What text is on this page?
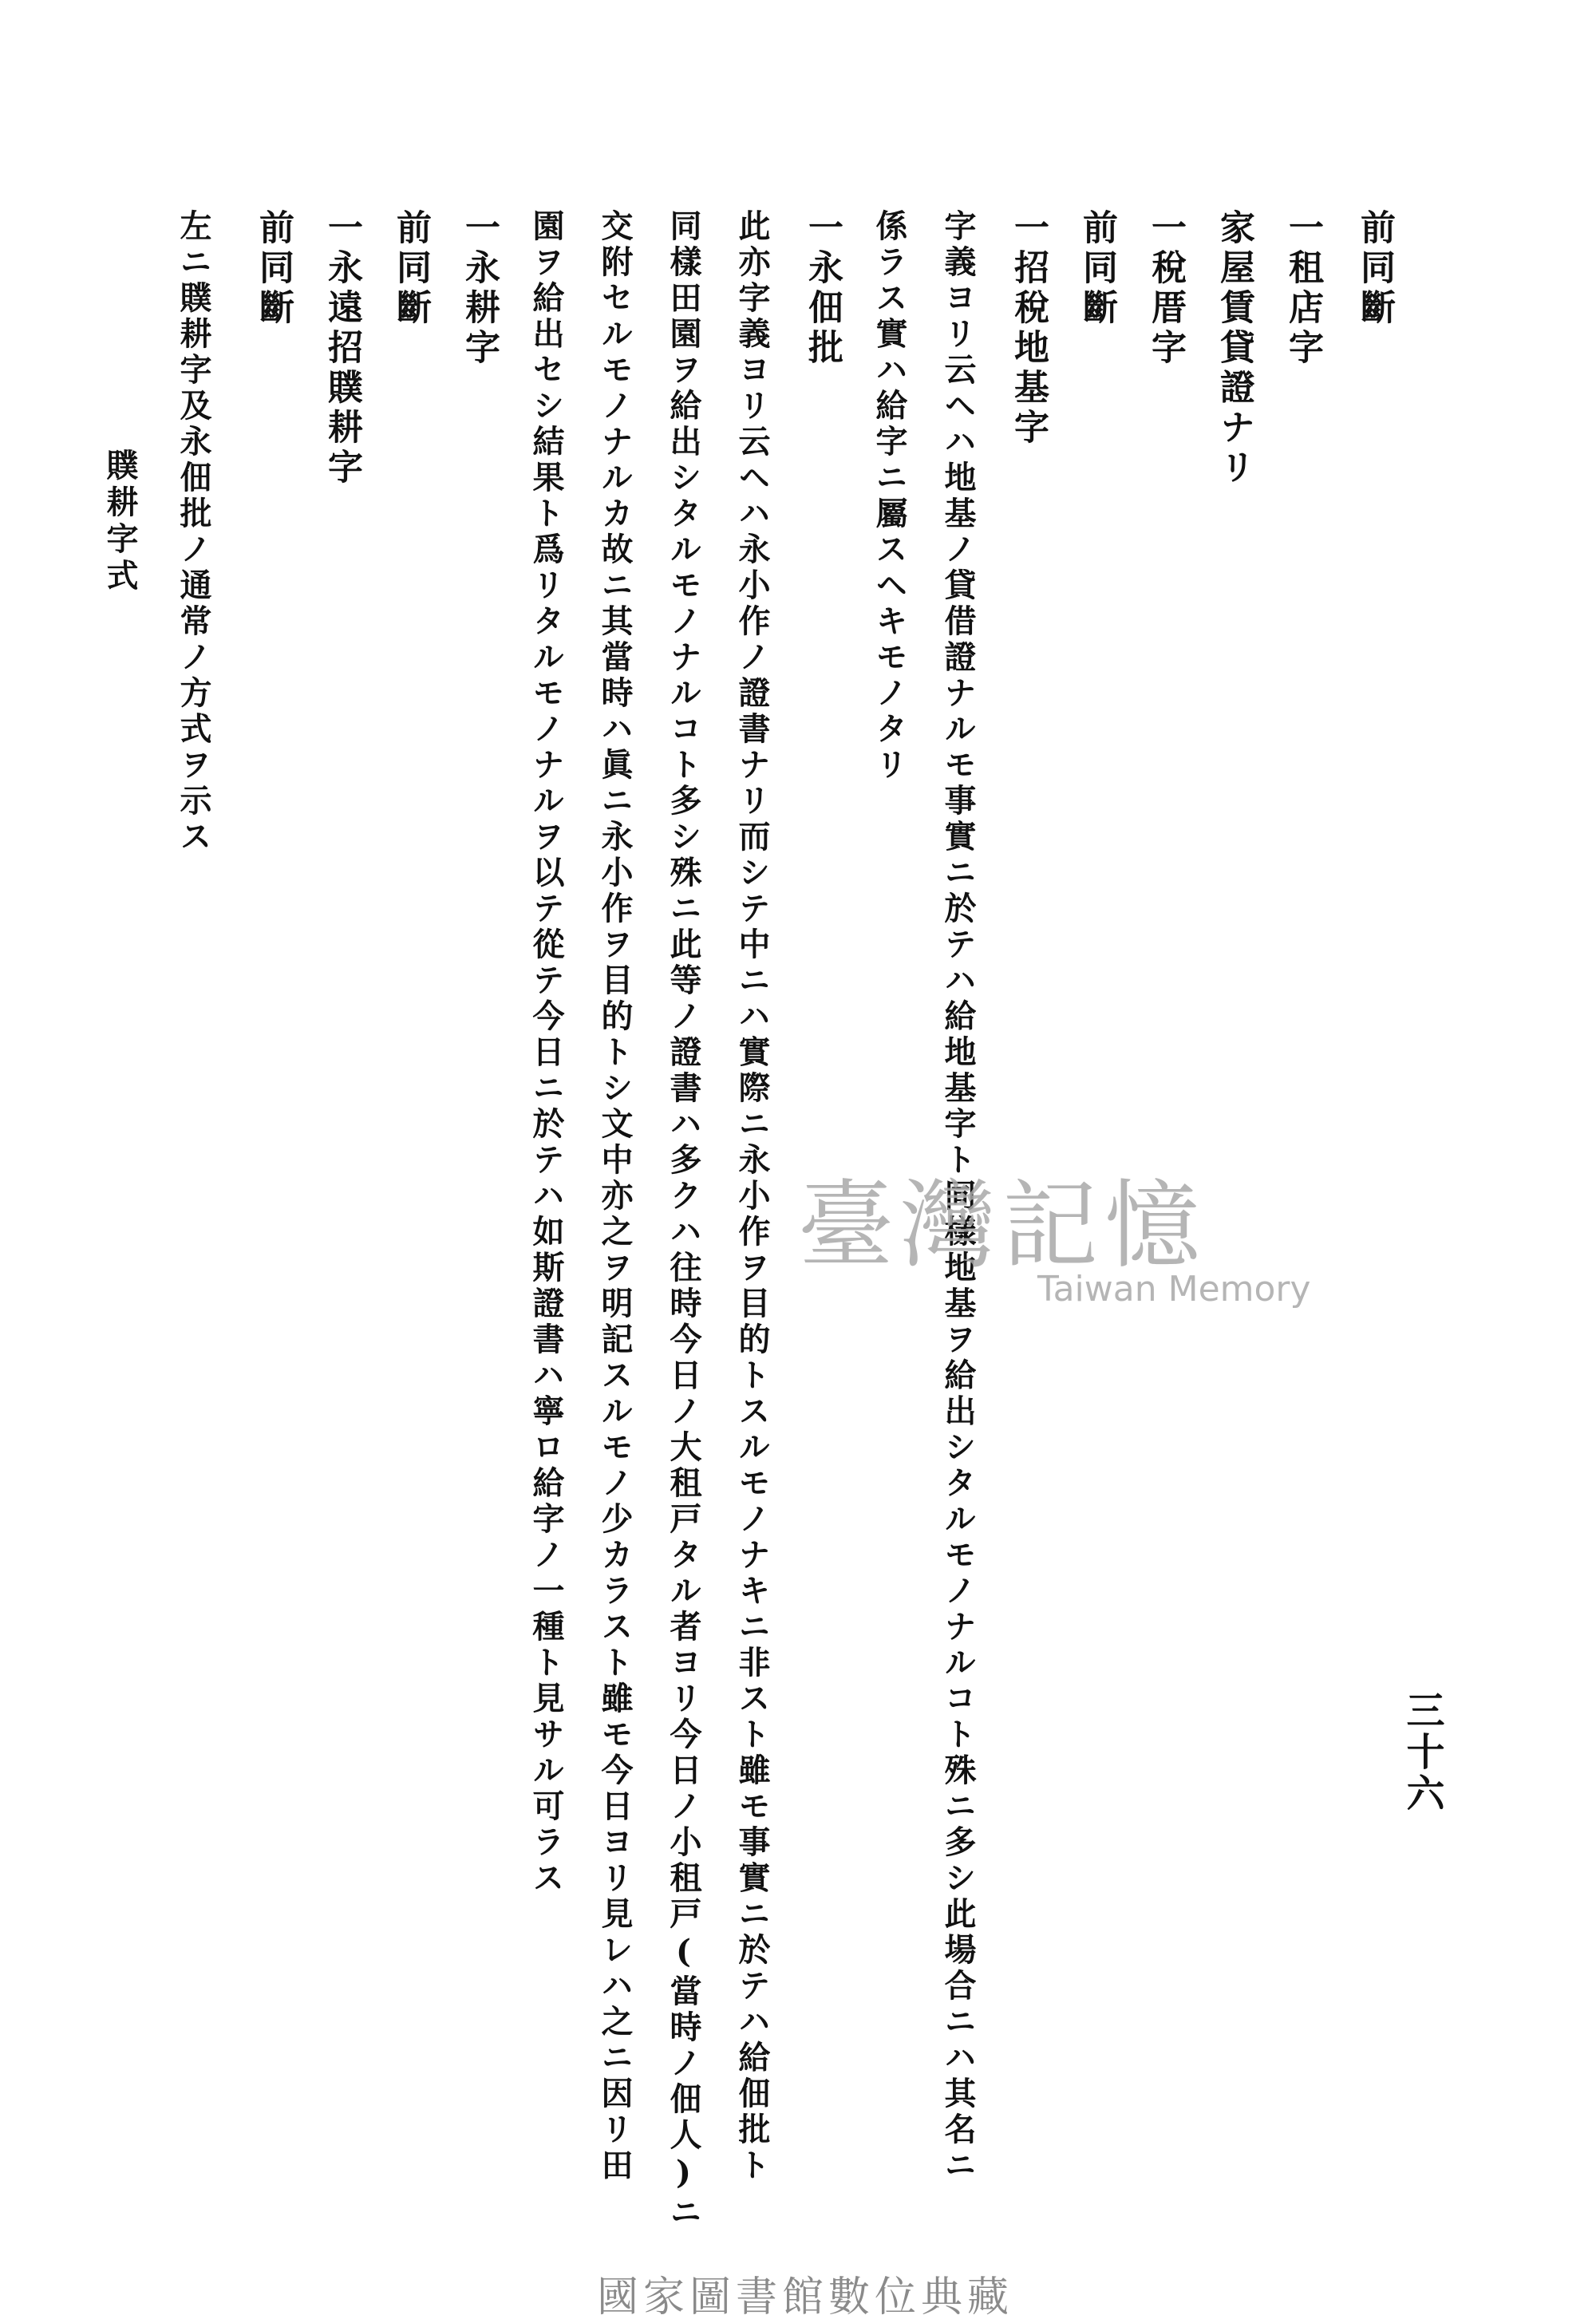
三十六
前同斷
一租店字
家屋賃貸證ナリ
一稅厝字
前同斷
一招稅地基字
字義ヨリ云ヘハ地基ノ貸借證ナルモ事實ニ於テハ給地基字ト同樣地基ヲ給出シタルモノナルコト殊ニ多シ此場合ニハ其名ニ
係ラス實ハ給字ニ屬スヘキモノタリ
一永佃批
此亦字義ヨリ云ヘハ永小作ノ證書ナリ而シテ中ニハ實際ニ永小作ヲ目的トスルモノナキニ非スト雖モ事實ニ於テハ給佃批ト
同樣田園ヲ給出シタルモノナルコト多シ殊ニ此等ノ證書ハ多クハ往時今日ノ大租戸タル者ヨリ今日ノ小租戸(當時ノ佃人)ニ
交附セルモノナルカ故ニ其當時ハ眞ニ永小作ヲ目的トシ文中亦之ヲ明記スルモノ少カラスト雖モ今日ヨリ見レハ之ニ因リ田
園ヲ給出セシ結果ト爲リタルモノナルヲ以テ從テ今日ニ於テハ如斯證書ハ寧ロ給字ノ一種ト見サル可ラス
一永耕字
前同斷
一永遠招贌耕字
前同斷
左ニ贌耕字及永佃批ノ通常ノ方式ヲ示ス
贌耕字式
臺灣記憶
Taiwan Memory
國家圖書館數位典藏
